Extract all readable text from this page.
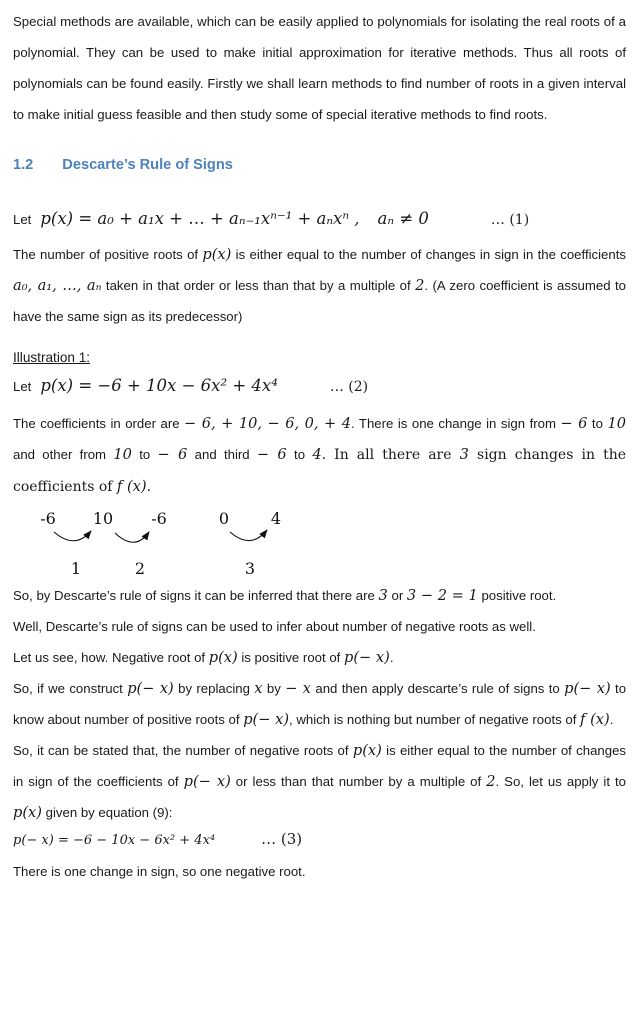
Special methods are available, which can be easily applied to polynomials for isolating the real roots of a polynomial. They can be used to make initial approximation for iterative methods. Thus all roots of polynomials can be found easily. Firstly we shall learn methods to find number of roots in a given interval to make initial guess feasible and then study some of special iterative methods to find roots.

1.2 Descarte’s Rule of Signs
Let p(x) = a₀ + a₁x + … + aₙ₋₁xⁿ⁻¹ + aₙxⁿ , aₙ ≠ 0	… (1)

The number of positive roots of p(x) is either equal to the number of changes in sign in the coefficients a₀, a₁, …, aₙ taken in that order or less than that by a multiple of 2. (A zero coefficient is assumed to have the same sign as its predecessor)

Illustration 1:
Let p(x) = −6 + 10x − 6x² + 4x⁴	… (2)

The coefficients in order are − 6, + 10, − 6, 0, + 4. There is one change in sign from − 6 to 10 and other from 10 to − 6 and third − 6 to 4. In all there are 3 sign changes in the coefficients of f (x).

-6 10 -6	0	4
1	2	3

So, by Descarte’s rule of signs it can be inferred that there are 3 or 3 − 2 = 1 positive root.

Well, Descarte’s rule of signs can be used to infer about number of negative roots as well.

Let us see, how. Negative root of p(x) is positive root of p(− x).

So, if we construct p(− x) by replacing x by − x and then apply descarte’s rule of signs to p(− x) to know about number of positive roots of p(− x), which is nothing but number of negative roots of f (x).

So, it can be stated that, the number of negative roots of p(x) is either equal to the number of changes in sign of the coefficients of p(− x) or less than that number by a multiple of 2. So, let us apply it to p(x) given by equation (9):

p(− x) = −6 − 10x − 6x² + 4x⁴	… (3)

There is one change in sign, so one negative root.
